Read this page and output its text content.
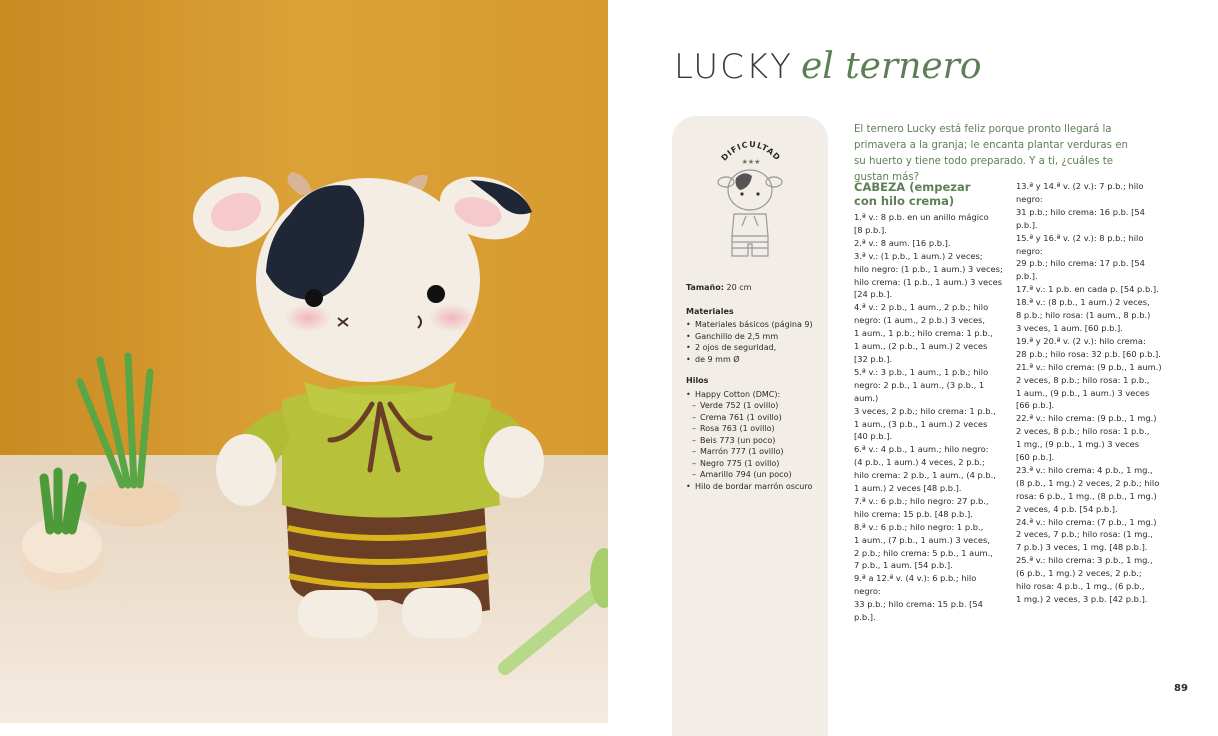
LUCKY el ternero

El ternero Lucky está feliz porque pronto llegará la primavera a la granja; le encanta plantar verduras en su huerto y tiene todo preparado. Y a ti, ¿cuáles te gustan más?

DIFICULTAD
★★★
Tamaño: 20 cm
Materiales
• Materiales básicos (página 9)
• Ganchillo de 2,5 mm
• 2 ojos de seguridad,
• de 9 mm Ø
Hilos
• Happy Cotton (DMC):
– Verde 752 (1 ovillo)
– Crema 761 (1 ovillo)
– Rosa 763 (1 ovillo)
– Beis 773 (un poco)
– Marrón 777 (1 ovillo)
– Negro 775 (1 ovillo)
– Amarillo 794 (un poco)
• Hilo de bordar marrón oscuro
CABEZA (empezar
con hilo crema)

1.ª v.: 8 p.b. en un anillo mágico

[8 p.b.].

2.ª v.: 8 aum. [16 p.b.].

3.ª v.: (1 p.b., 1 aum.) 2 veces;

hilo negro: (1 p.b., 1 aum.) 3 veces;

hilo crema: (1 p.b., 1 aum.) 3 veces

[24 p.b.].

4.ª v.: 2 p.b., 1 aum., 2 p.b.; hilo

negro: (1 aum., 2 p.b.) 3 veces,

1 aum., 1 p.b.; hilo crema: 1 p.b.,

1 aum., (2 p.b., 1 aum.) 2 veces

[32 p.b.].

5.ª v.: 3 p.b., 1 aum., 1 p.b.; hilo

negro: 2 p.b., 1 aum., (3 p.b., 1 aum.)

3 veces, 2 p.b.; hilo crema: 1 p.b.,

1 aum., (3 p.b., 1 aum.) 2 veces

[40 p.b.].

6.ª v.: 4 p.b., 1 aum.; hilo negro:

(4 p.b., 1 aum.) 4 veces, 2 p.b.;

hilo crema: 2 p.b., 1 aum., (4 p.b.,

1 aum.) 2 veces [48 p.b.].

7.ª v.: 6 p.b.; hilo negro: 27 p.b.,

hilo crema: 15 p.b. [48 p.b.].

8.ª v.: 6 p.b.; hilo negro: 1 p.b.,

1 aum., (7 p.b., 1 aum.) 3 veces,

2 p.b.; hilo crema: 5 p.b., 1 aum.,

7 p.b., 1 aum. [54 p.b.].

9.ª a 12.ª v. (4 v.): 6 p.b.; hilo negro:

33 p.b.; hilo crema: 15 p.b. [54 p.b.].

13.ª y 14.ª v. (2 v.): 7 p.b.; hilo negro:

31 p.b.; hilo crema: 16 p.b. [54 p.b.].

15.ª y 16.ª v. (2 v.): 8 p.b.; hilo negro:

29 p.b.; hilo crema: 17 p.b. [54 p.b.].

17.ª v.: 1 p.b. en cada p. [54 p.b.].

18.ª v.: (8 p.b., 1 aum.) 2 veces,

8 p.b.; hilo rosa: (1 aum., 8 p.b.)

3 veces, 1 aum. [60 p.b.].

19.ª y 20.ª v. (2 v.): hilo crema:

28 p.b.; hilo rosa: 32 p.b. [60 p.b.].

21.ª v.: hilo crema: (9 p.b., 1 aum.)

2 veces, 8 p.b.; hilo rosa: 1 p.b.,

1 aum., (9 p.b., 1 aum.) 3 veces

[66 p.b.].

22.ª v.: hilo crema: (9 p.b., 1 mg.)

2 veces, 8 p.b.; hilo rosa: 1 p.b.,

1 mg., (9 p.b., 1 mg.) 3 veces

[60 p.b.].

23.ª v.: hilo crema: 4 p.b., 1 mg.,

(8 p.b., 1 mg.) 2 veces, 2 p.b.; hilo

rosa: 6 p.b., 1 mg., (8 p.b., 1 mg.)

2 veces, 4 p.b. [54 p.b.].

24.ª v.: hilo crema: (7 p.b., 1 mg.)

2 veces, 7 p.b.; hilo rosa: (1 mg.,

7 p.b.) 3 veces, 1 mg. [48 p.b.].

25.ª v.: hilo crema: 3 p.b., 1 mg.,

(6 p.b., 1 mg.) 2 veces, 2 p.b.;

hilo rosa: 4 p.b., 1 mg., (6 p.b.,

1 mg.) 2 veces, 3 p.b. [42 p.b.].

89
